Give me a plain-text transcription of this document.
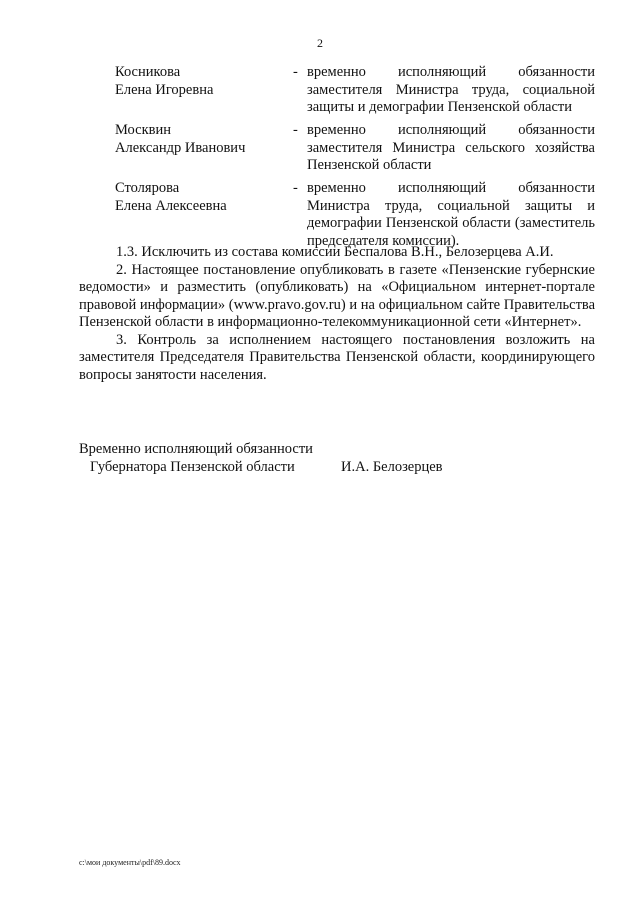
2
Косникова
Елена Игоревна
- временно исполняющий обязанности заместителя Министра труда, социальной защиты и демографии Пензенской области
Москвин
Александр Иванович
- временно исполняющий обязанности заместителя Министра сельского хозяйства Пензенской области
Столярова
Елена Алексеевна
- временно исполняющий обязанности Министра труда, социальной защиты и демографии Пензенской области (заместитель председателя комиссии).

1.3. Исключить из состава комиссии Беспалова В.Н., Белозерцева А.И.

2. Настоящее постановление опубликовать в газете «Пензенские губернские ведомости» и разместить (опубликовать) на «Официальном интернет-портале правовой информации» (www.pravo.gov.ru) и на официальном сайте Правительства Пензенской области в информационно-телекоммуникационной сети «Интернет».

3. Контроль за исполнением настоящего постановления возложить на заместителя Председателя Правительства Пензенской области, координирующего вопросы занятости населения.

Временно исполняющий обязанности
Губернатора Пензенской области	И.А. Белозерцев
c:\мои документы\pdf\89.docx
